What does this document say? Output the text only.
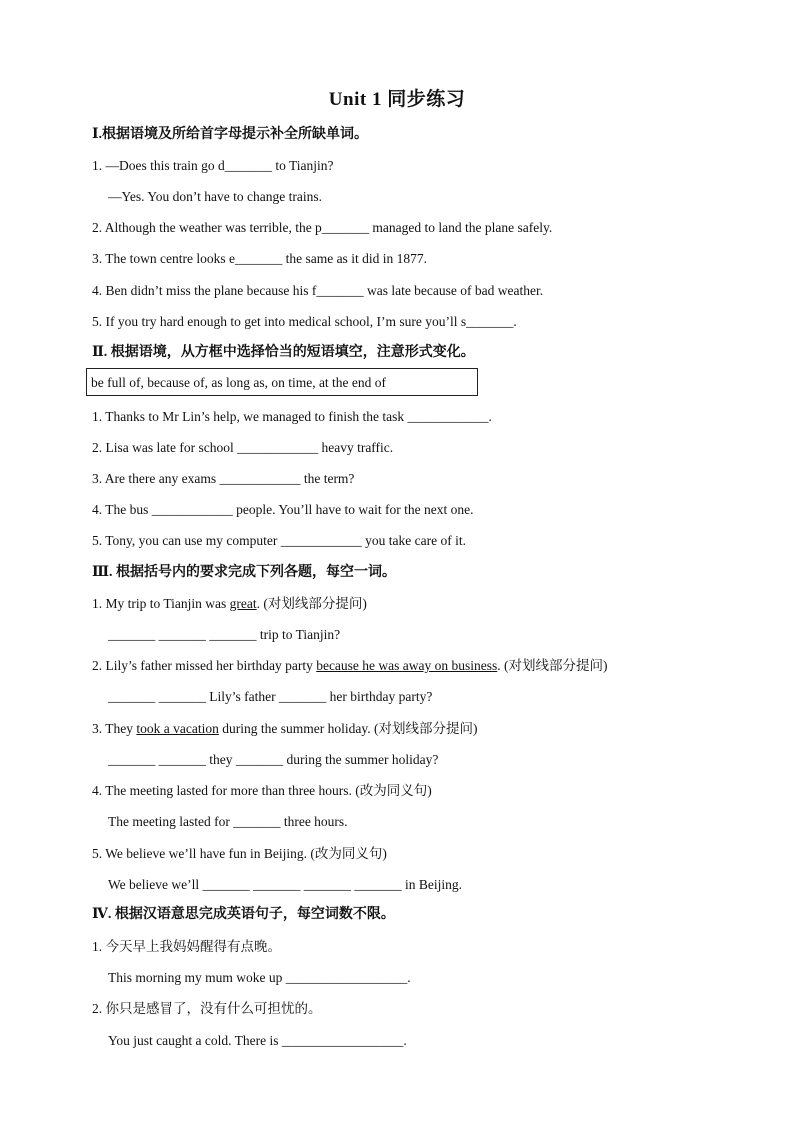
Unit 1 同步练习
Ⅰ.根据语境及所给首字母提示补全所缺单词。
1. —Does this train go d_______ to Tianjin?
—Yes. You don’t have to change trains.
2. Although the weather was terrible, the p_______ managed to land the plane safely.
3. The town centre looks e_______ the same as it did in 1877.
4. Ben didn’t miss the plane because his f_______ was late because of bad weather.
5. If you try hard enough to get into medical school, I’m sure you’ll s_______.
Ⅱ. 根据语境，从方框中选择恰当的短语填空，注意形式变化。
be full of, because of, as long as, on time, at the end of
1. Thanks to Mr Lin’s help, we managed to finish the task ____________.
2. Lisa was late for school ____________ heavy traffic.
3. Are there any exams ____________ the term?
4. The bus ____________ people. You’ll have to wait for the next one.
5. Tony, you can use my computer ____________ you take care of it.
Ⅲ. 根据括号内的要求完成下列各题，每空一词。
1. My trip to Tianjin was great. (对划线部分提问)
_______ _______ _______ trip to Tianjin?
2. Lily’s father missed her birthday party because he was away on business. (对划线部分提问)
_______ _______ Lily’s father _______ her birthday party?
3. They took a vacation during the summer holiday. (对划线部分提问)
_______ _______ they _______ during the summer holiday?
4. The meeting lasted for more than three hours. (改为同义句)
The meeting lasted for _______ three hours.
5. We believe we’ll have fun in Beijing. (改为同义句)
We believe we’ll _______ _______ _______ _______ in Beijing.
Ⅳ. 根据汉语意思完成英语句子，每空词数不限。
1. 今天早上我妈妈醒得有点晚。
This morning my mum woke up __________________.
2. 你只是感冒了，没有什么可担忧的。
You just caught a cold. There is __________________.
